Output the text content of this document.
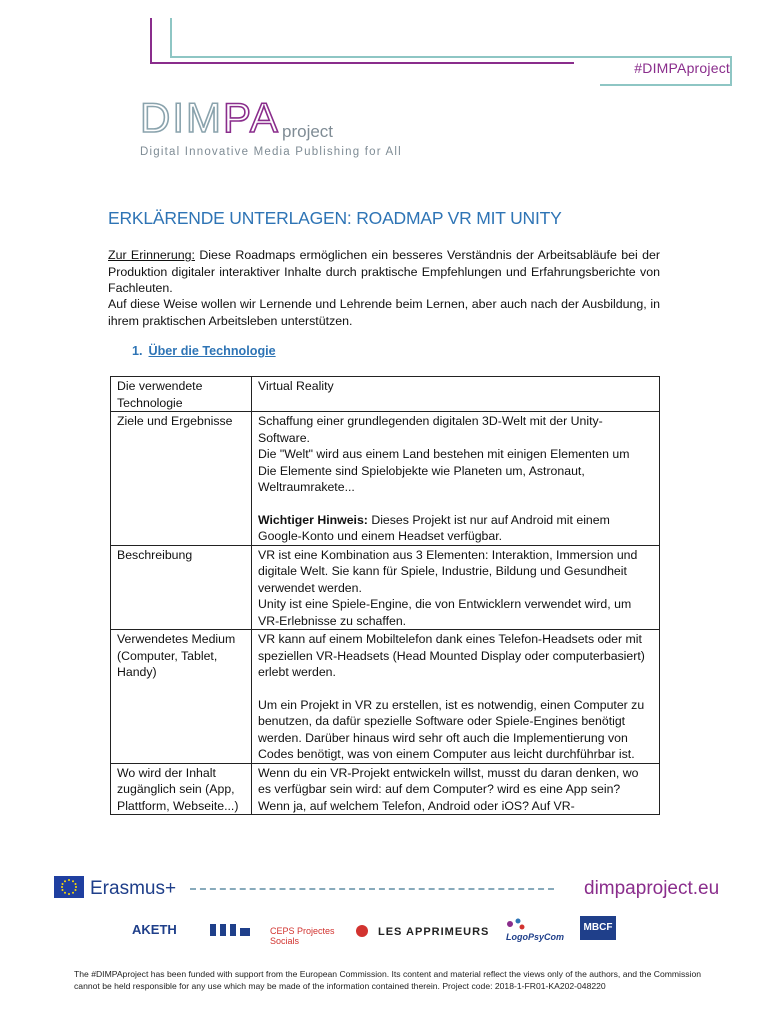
#DIMPAproject
DIMPA project
Digital Innovative Media Publishing for All
ERKLÄRENDE UNTERLAGEN: ROADMAP VR MIT UNITY
Zur Erinnerung: Diese Roadmaps ermöglichen ein besseres Verständnis der Arbeitsabläufe bei der Produktion digitaler interaktiver Inhalte durch praktische Empfehlungen und Erfahrungsberichte von Fachleuten.
Auf diese Weise wollen wir Lernende und Lehrende beim Lernen, aber auch nach der Ausbildung, in ihrem praktischen Arbeitsleben unterstützen.
1. Über die Technologie
Die verwendete Technologie	Virtual Reality

Ziele und Ergebnisse	Schaffung einer grundlegenden digitalen 3D-Welt mit der Unity-Software.
Die "Welt" wird aus einem Land bestehen mit einigen Elementen um
Die Elemente sind Spielobjekte wie Planeten um, Astronaut, Weltraumrakete...
Wichtiger Hinweis: Dieses Projekt ist nur auf Android mit einem Google-Konto und einem Headset verfügbar.

Beschreibung	VR ist eine Kombination aus 3 Elementen: Interaktion, Immersion und digitale Welt. Sie kann für Spiele, Industrie, Bildung und Gesundheit verwendet werden.
Unity ist eine Spiele-Engine, die von Entwicklern verwendet wird, um VR-Erlebnisse zu schaffen.

Verwendetes Medium (Computer, Tablet, Handy)	VR kann auf einem Mobiltelefon dank eines Telefon-Headsets oder mit speziellen VR-Headsets (Head Mounted Display oder computerbasiert) erlebt werden.
Um ein Projekt in VR zu erstellen, ist es notwendig, einen Computer zu benutzen, da dafür spezielle Software oder Spiele-Engines benötigt werden. Darüber hinaus wird sehr oft auch die Implementierung von Codes benötigt, was von einem Computer aus leicht durchführbar ist.

Wo wird der Inhalt zugänglich sein (App, Plattform, Webseite...)	Wenn du ein VR-Projekt entwickeln willst, musst du daran denken, wo es verfügbar sein wird: auf dem Computer? wird es eine App sein? Wenn ja, auf welchem Telefon, Android oder iOS? Auf VR-
Erasmus+	dimpaproject.eu
AKETH	CEPS Projectes Socials
LES APPRIMEURS LogoPsyCom
MBCF
The #DIMPAproject has been funded with support from the European Commission. Its content and material reflect the views only of the authors, and the Commission cannot be held responsible for any use which may be made of the information contained therein. Project code: 2018-1-FR01-KA202-048220
